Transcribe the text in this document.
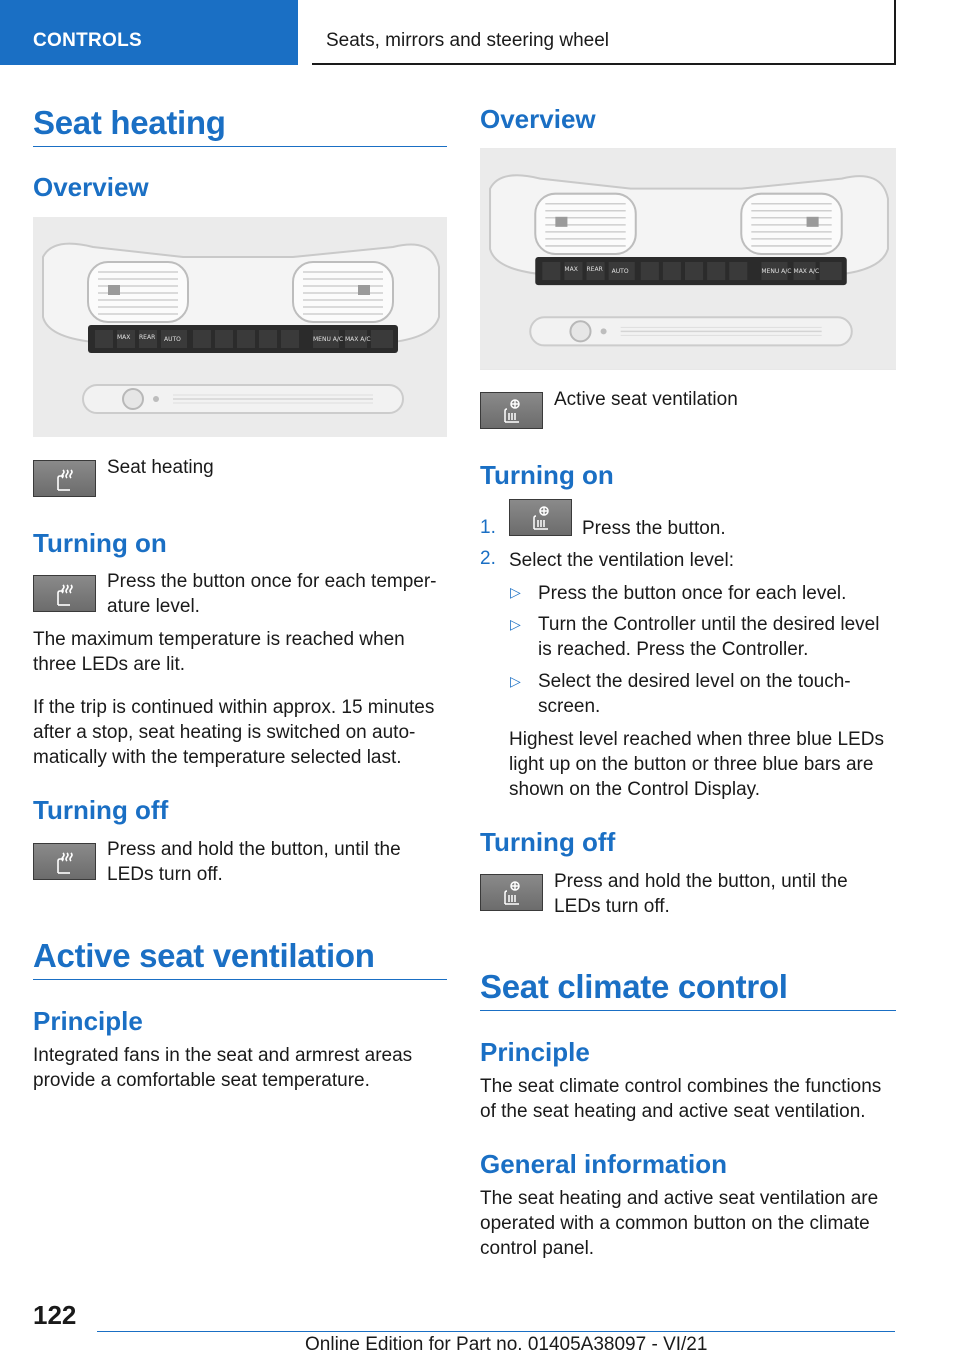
CONTROLS	Seats, mirrors and steering wheel
Seat heating
Overview
MAX REAR AUTO	MENU A/C MAX A/C
Seat heating
Turning on
Press the button once for each temper-ature level.
The maximum temperature is reached when three LEDs are lit.
If the trip is continued within approx. 15 minutes after a stop, seat heating is switched on auto-matically with the temperature selected last.
Turning off
Press and hold the button, until the LEDs turn off.
Active seat ventilation
Principle
Integrated fans in the seat and armrest areas provide a comfortable seat temperature.
Overview
MAX REAR AUTO	MENU A/C MAX A/C
Active seat ventilation
Turning on
1.	Press the button.
2. Select the ventilation level:
▷ Press the button once for each level.
▷ Turn the Controller until the desired level is reached. Press the Controller.
▷ Select the desired level on the touch-screen.
Highest level reached when three blue LEDs light up on the button or three blue bars are shown on the Control Display.
Turning off
Press and hold the button, until the LEDs turn off.
Seat climate control
Principle
The seat climate control combines the functions of the seat heating and active seat ventilation.
General information
The seat heating and active seat ventilation are operated with a common button on the climate control panel.
122
Online Edition for Part no. 01405A38097 - VI/21
